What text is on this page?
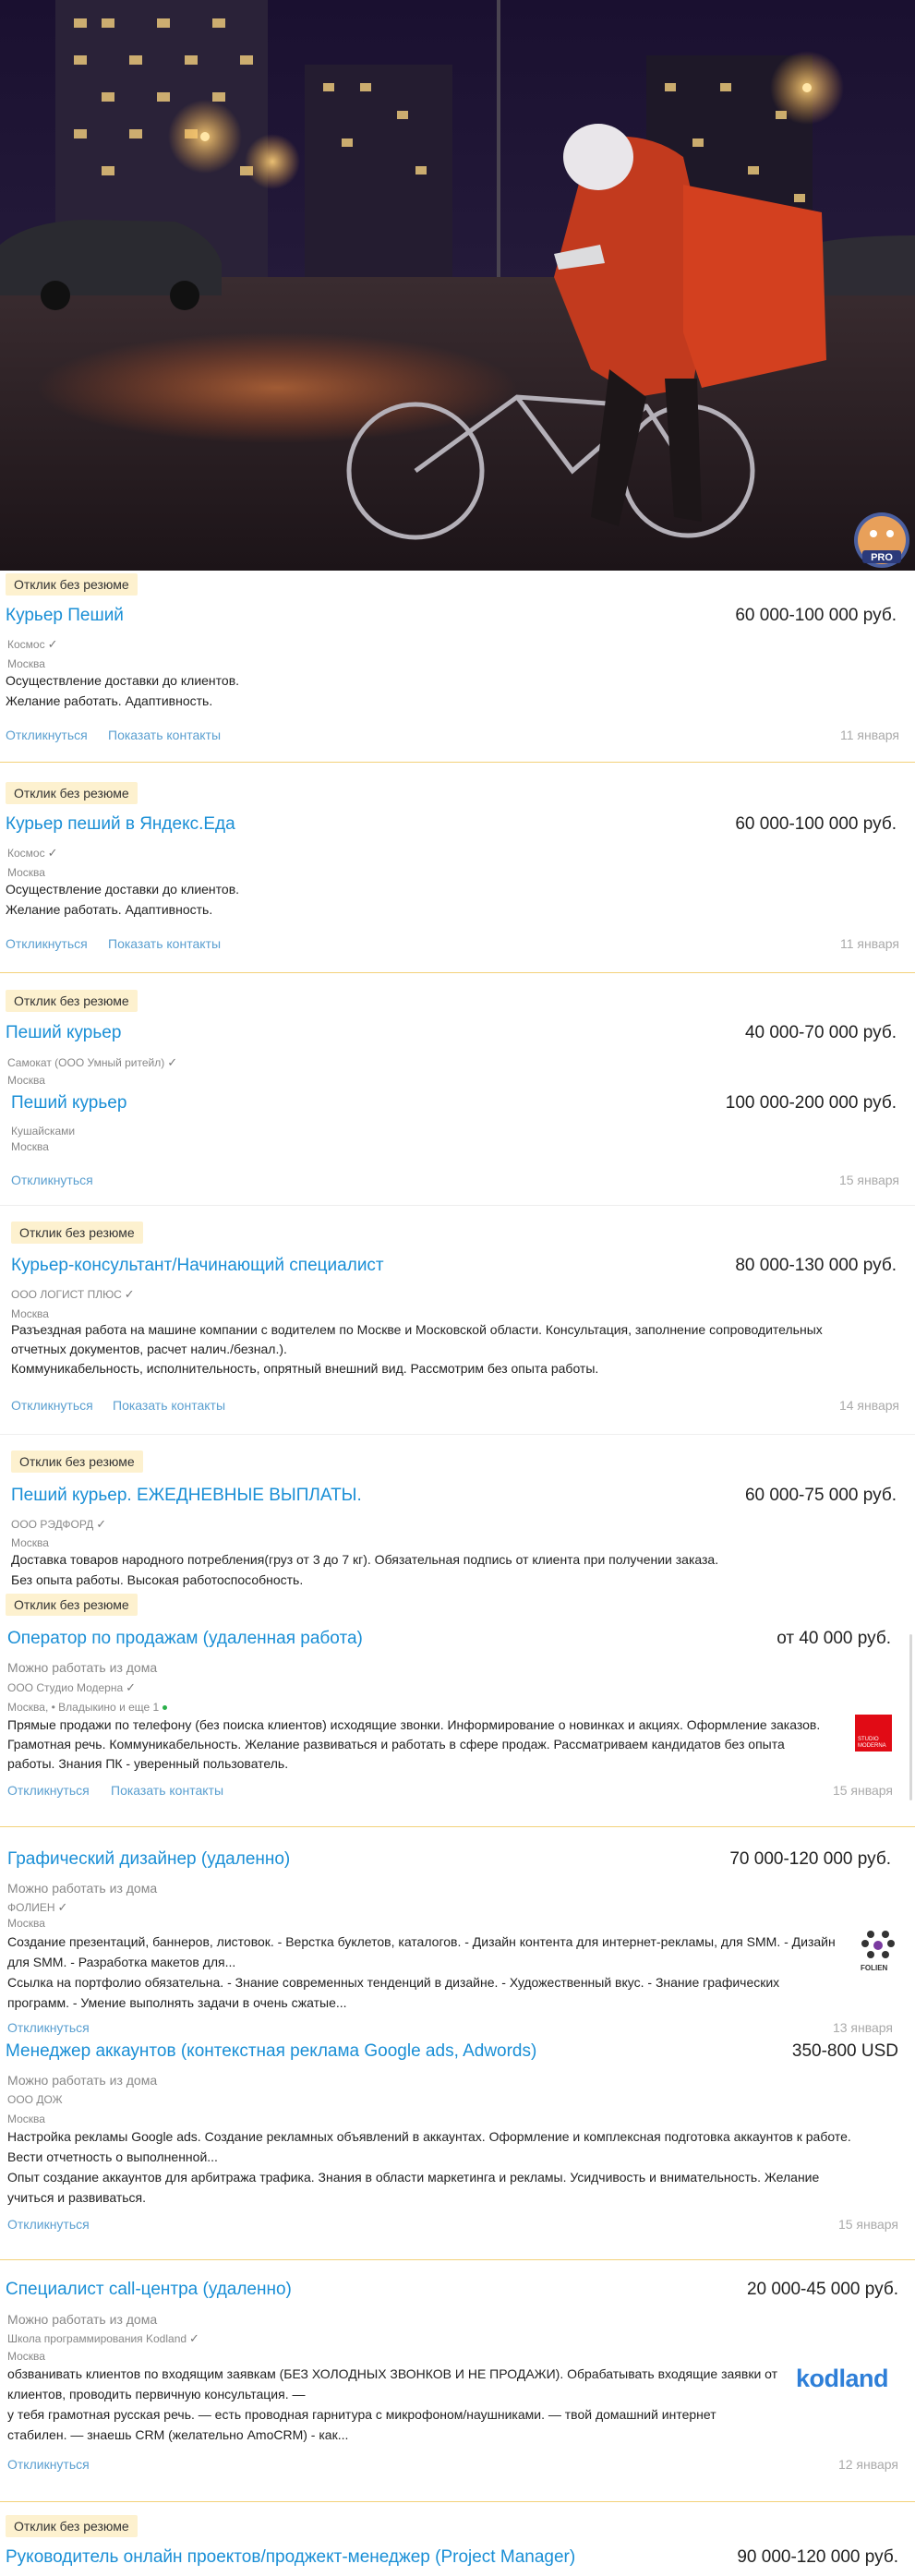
PRO
Отклик без резюме
Курьер Пеший	60 000-100 000 руб.
Космос ✓
Москва
Осуществление доставки до клиентов.
Желание работать. Адаптивность.
Откликнуться Показать контакты	11 января
Отклик без резюме
Курьер пеший в Яндекс.Еда	60 000-100 000 руб.
Космос ✓
Москва
Осуществление доставки до клиентов.
Желание работать. Адаптивность.
Откликнуться Показать контакты	11 января
Отклик без резюме
Пеший курьер	40 000-70 000 руб.
Самокат (ООО Умный ритейл) ✓
Москва
Пеший курьер	100 000-200 000 руб.
Кушайсками
Москва
Откликнуться	15 января
Отклик без резюме
Курьер-консультант/Начинающий специалист	80 000-130 000 руб.
ООО ЛОГИСТ ПЛЮС ✓
Москва
Разъездная работа на машине компании с водителем по Москве и Московской области. Консультация, заполнение сопроводительных
отчетных документов, расчет налич./безнал.).
Коммуникабельность, исполнительность, опрятный внешний вид. Рассмотрим без опыта работы.
Откликнуться Показать контакты	14 января
Отклик без резюме
Пеший курьер. ЕЖЕДНЕВНЫЕ ВЫПЛАТЫ.	60 000-75 000 руб.
ООО РЭДФОРД ✓
Москва
Доставка товаров народного потребления(груз от 3 до 7 кг). Обязательная подпись от клиента при получении заказа.
Без опыта работы. Высокая работоспособность.
Отклик без резюме
Оператор по продажам (удаленная работа)	от 40 000 руб.
Можно работать из дома
ООО Студио Модерна ✓
Москва, • Владыкино и еще 1
Прямые продажи по телефону (без поиска клиентов) исходящие звонки. Информирование о новинках и акциях. Оформление заказов.
Грамотная речь. Коммуникабельность. Желание развиваться и работать в сфере продаж. Рассматриваем кандидатов без опыта
работы. Знания ПК - уверенный пользователь.
STUDIO MODERNA
Откликнуться Показать контакты	15 января
Графический дизайнер (удаленно)	70 000-120 000 руб.
Можно работать из дома
ФОЛИЕН ✓
Москва
Создание презентаций, баннеров, листовок. - Верстка буклетов, каталогов. - Дизайн контента для интернет-рекламы, для SMM. - Дизайн
для SMM. - Разработка макетов для...
Ссылка на портфолио обязательна. - Знание современных тенденций в дизайне. - Художественный вкус. - Знание графических
программ. - Умение выполнять задачи в очень сжатые...
FOLIEN
Откликнуться	13 января
Менеджер аккаунтов (контекстная реклама Google ads, Adwords)	350-800 USD
Можно работать из дома
ООО ДОЖ
Москва
Настройка рекламы Google ads. Создание рекламных объявлений в аккаунтах. Оформление и комплексная подготовка аккаунтов к работе.
Вести отчетность о выполненной...
Опыт создание аккаунтов для арбитража трафика. Знания в области маркетинга и рекламы. Усидчивость и внимательность. Желание
учиться и развиваться.
Откликнуться	15 января
Специалист call-центра (удаленно)	20 000-45 000 руб.
Можно работать из дома
Школа программирования Kodland ✓
Москва
обзванивать клиентов по входящим заявкам (БЕЗ ХОЛОДНЫХ ЗВОНКОВ И НЕ ПРОДАЖИ). Обрабатывать входящие заявки от
клиентов, проводить первичную консультация. —
у тебя грамотная русская речь. — есть проводная гарнитура с микрофоном/наушниками. — твой домашний интернет
стабилен. — знаешь CRM (желательно AmoCRM) - как...
kodland
Откликнуться	12 января
Отклик без резюме
Руководитель онлайн проектов/проджект-менеджер (Project Manager)	90 000-120 000 руб.
